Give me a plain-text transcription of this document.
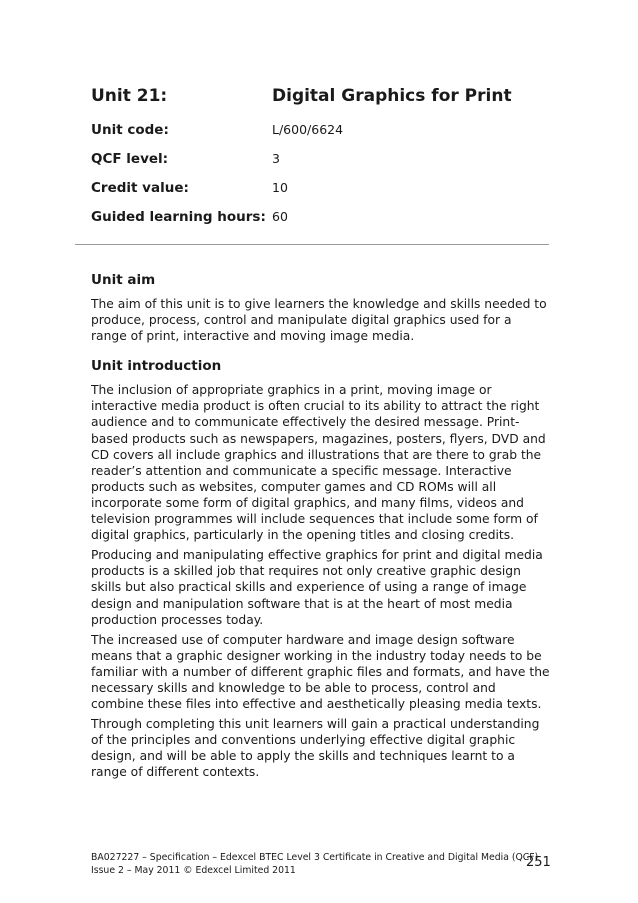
Unit 21:	Digital Graphics for Print
Unit code:	L/600/6624
QCF level:	3
Credit value:	10
Guided learning hours: 60
Unit aim

The aim of this unit is to give learners the knowledge and skills needed to produce, process, control and manipulate digital graphics used for a range of print, interactive and moving image media.

Unit introduction

The inclusion of appropriate graphics in a print, moving image or interactive media product is often crucial to its ability to attract the right audience and to communicate effectively the desired message. Print-based products such as newspapers, magazines, posters, flyers, DVD and CD covers all include graphics and illustrations that are there to grab the reader’s attention and communicate a specific message. Interactive products such as websites, computer games and CD ROMs will all incorporate some form of digital graphics, and many films, videos and television programmes will include sequences that include some form of digital graphics, particularly in the opening titles and closing credits.

Producing and manipulating effective graphics for print and digital media products is a skilled job that requires not only creative graphic design skills but also practical skills and experience of using a range of image design and manipulation software that is at the heart of most media production processes today.

The increased use of computer hardware and image design software means that a graphic designer working in the industry today needs to be familiar with a number of different graphic files and formats, and have the necessary skills and knowledge to be able to process, control and combine these files into effective and aesthetically pleasing media texts.

Through completing this unit learners will gain a practical understanding of the principles and conventions underlying effective digital graphic design, and will be able to apply the skills and techniques learnt to a range of different contexts.

BA027227 – Specification – Edexcel BTEC Level 3 Certificate in Creative and Digital Media (QCF)
Issue 2 – May 2011 © Edexcel Limited 2011
251
